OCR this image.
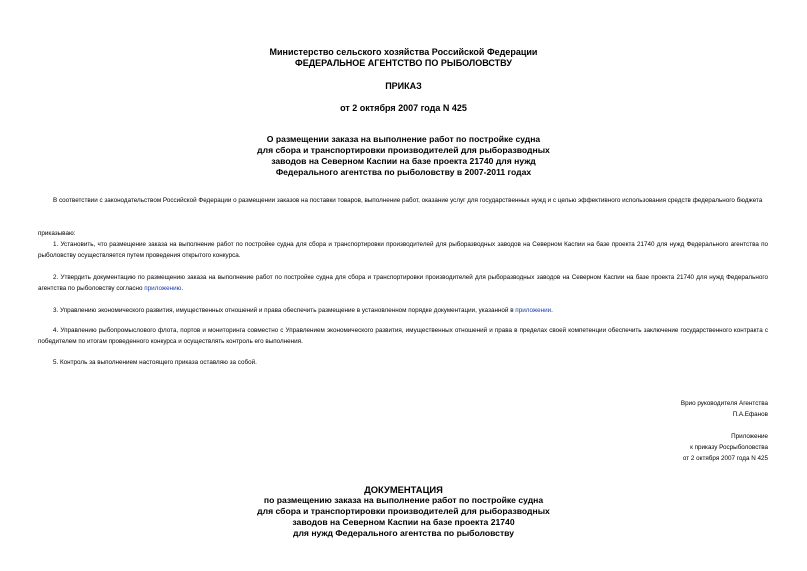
Министерство сельского хозяйства Российской Федерации
ФЕДЕРАЛЬНОЕ АГЕНТСТВО ПО РЫБОЛОВСТВУ
ПРИКАЗ
от 2 октября 2007 года N 425
О размещении заказа на выполнение работ по постройке судна
для сбора и транспортировки производителей для рыборазводных
заводов на Северном Каспии на базе проекта 21740 для нужд
Федерального агентства по рыболовству в 2007-2011 годах
В соответствии с законодательством Российской Федерации о размещении заказов на поставки товаров, выполнение работ, оказание услуг для государственных нужд и с целью эффективного использования средств федерального бюджета
приказываю:
1. Установить, что размещение заказа на выполнение работ по постройке судна для сбора и транспортировки производителей для рыборазводных заводов на Северном Каспии на базе проекта 21740 для нужд Федерального агентства по рыболовству осуществляется путем проведения открытого конкурса.
2. Утвердить документацию по размещению заказа на выполнение работ по постройке судна для сбора и транспортировки производителей для рыборазводных заводов на Северном Каспии на базе проекта 21740 для нужд Федерального агентства по рыболовству согласно приложению.
3. Управлению экономического развития, имущественных отношений и права обеспечить размещение в установленном порядке документации, указанной в приложении.
4. Управлению рыбопромыслового флота, портов и мониторинга совместно с Управлением экономического развития, имущественных отношений и права в пределах своей компетенции обеспечить заключение государственного контракта с победителем по итогам проведенного конкурса и осуществлять контроль его выполнения.
5. Контроль за выполнением настоящего приказа оставляю за собой.
Врио руководителя Агентства
П.А.Ефанов
Приложение
к приказу Росрыболовства
от 2 октября 2007 года N 425
ДОКУМЕНТАЦИЯ
по размещению заказа на выполнение работ по постройке судна
для сбора и транспортировки производителей для рыборазводных
заводов на Северном Каспии на базе проекта 21740
для нужд Федерального агентства по рыболовству
